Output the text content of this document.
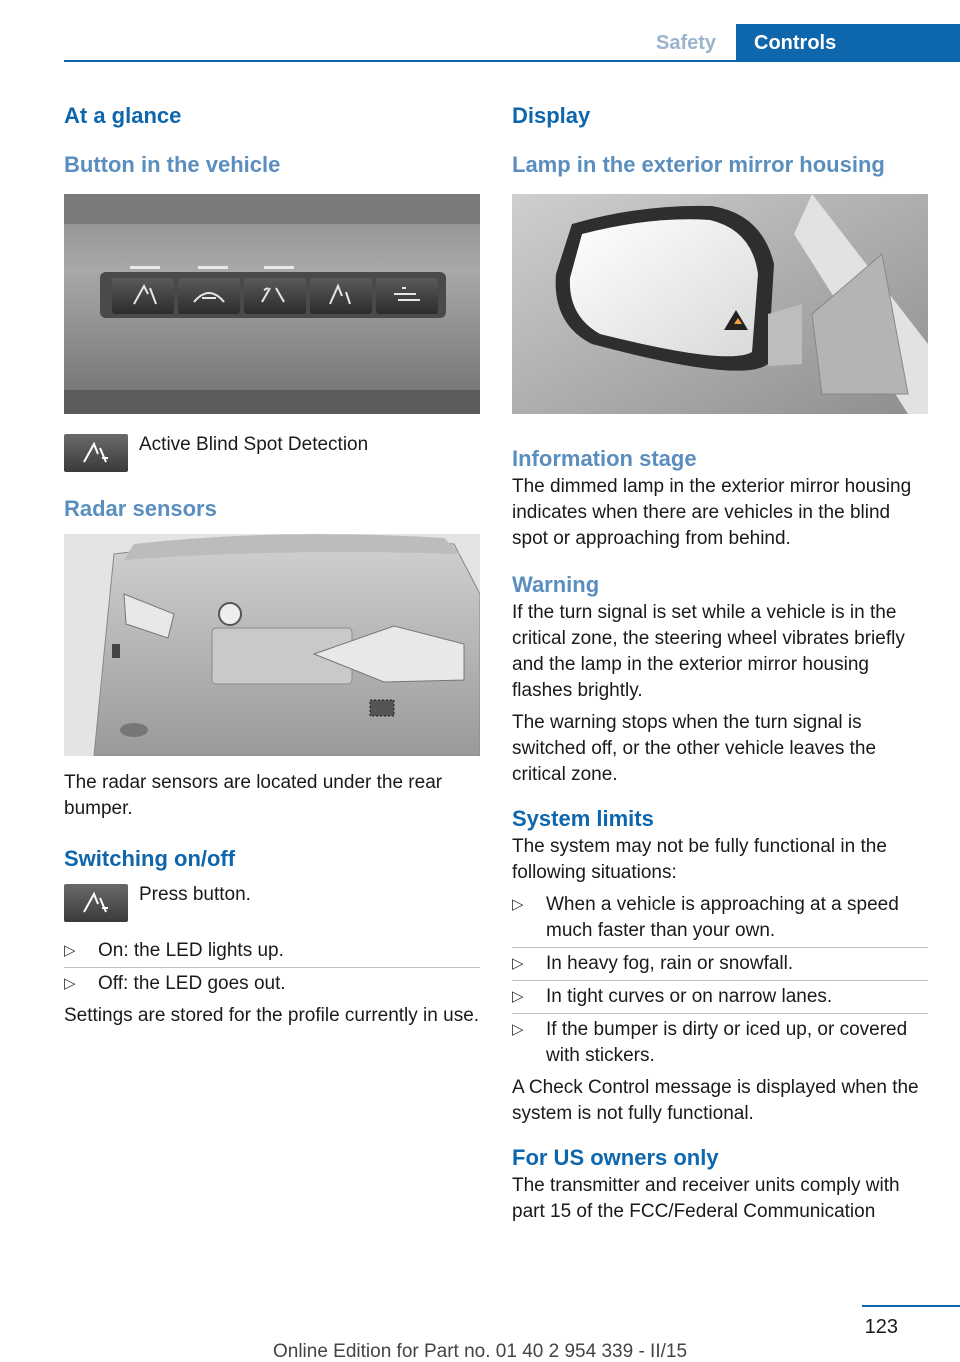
Safety	Controls
At a glance
Button in the vehicle

Active Blind Spot Detection

Radar sensors

The radar sensors are located under the rear bumper.

Switching on/off

Press button.

▷ On: the LED lights up.
▷ Off: the LED goes out.

Settings are stored for the profile currently in use.

Display
Lamp in the exterior mirror housing
Information stage

The dimmed lamp in the exterior mirror housing indicates when there are vehicles in the blind spot or approaching from behind.

Warning

If the turn signal is set while a vehicle is in the critical zone, the steering wheel vibrates briefly and the lamp in the exterior mirror housing flashes brightly.

The warning stops when the turn signal is switched off, or the other vehicle leaves the critical zone.

System limits

The system may not be fully functional in the following situations:

▷ When a vehicle is approaching at a speed much faster than your own.
▷ In heavy fog, rain or snowfall.
▷ In tight curves or on narrow lanes.
▷ If the bumper is dirty or iced up, or covered with stickers.

A Check Control message is displayed when the system is not fully functional.

For US owners only

The transmitter and receiver units comply with part 15 of the FCC/Federal Communication

123
Online Edition for Part no. 01 40 2 954 339 - II/15
